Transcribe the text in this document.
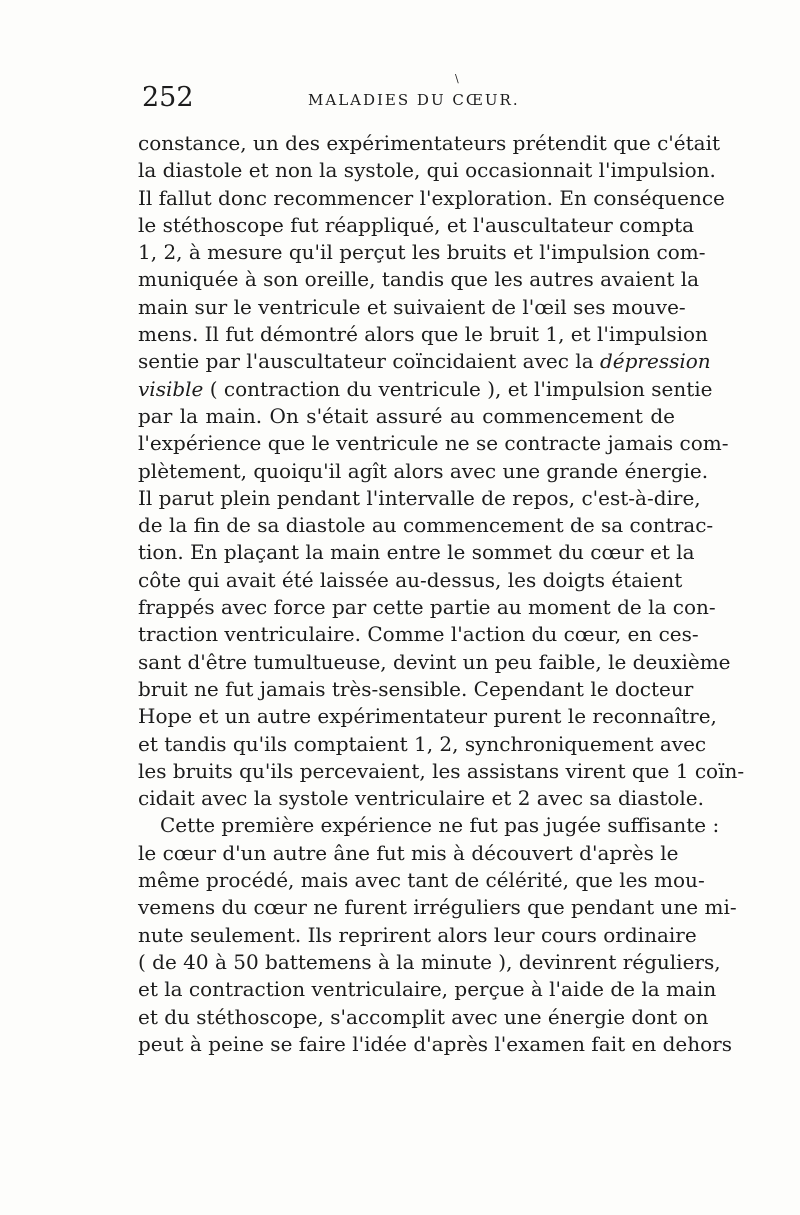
252
\
MALADIES DU CŒUR.
constance, un des expérimentateurs prétendit que c'était
la diastole et non la systole, qui occasionnait l'impulsion.
Il fallut donc recommencer l'exploration. En conséquence
le stéthoscope fut réappliqué, et l'auscultateur compta
1, 2, à mesure qu'il perçut les bruits et l'impulsion com-
muniquée à son oreille, tandis que les autres avaient la
main sur le ventricule et suivaient de l'œil ses mouve-
mens. Il fut démontré alors que le bruit 1, et l'impulsion
sentie par l'auscultateur coïncidaient avec la dépression
visible ( contraction du ventricule ), et l'impulsion sentie
par la main. On s'était assuré au commencement de
l'expérience que le ventricule ne se contracte jamais com-
plètement, quoiqu'il agît alors avec une grande énergie.
Il parut plein pendant l'intervalle de repos, c'est-à-dire,
de la fin de sa diastole au commencement de sa contrac-
tion. En plaçant la main entre le sommet du cœur et la
côte qui avait été laissée au-dessus, les doigts étaient
frappés avec force par cette partie au moment de la con-
traction ventriculaire. Comme l'action du cœur, en ces-
sant d'être tumultueuse, devint un peu faible, le deuxième
bruit ne fut jamais très-sensible. Cependant le docteur
Hope et un autre expérimentateur purent le reconnaître,
et tandis qu'ils comptaient 1, 2, synchroniquement avec
les bruits qu'ils percevaient, les assistans virent que 1 coïn-
cidait avec la systole ventriculaire et 2 avec sa diastole.
Cette première expérience ne fut pas jugée suffisante :
le cœur d'un autre âne fut mis à découvert d'après le
même procédé, mais avec tant de célérité, que les mou-
vemens du cœur ne furent irréguliers que pendant une mi-
nute seulement. Ils reprirent alors leur cours ordinaire
( de 40 à 50 battemens à la minute ), devinrent réguliers,
et la contraction ventriculaire, perçue à l'aide de la main
et du stéthoscope, s'accomplit avec une énergie dont on
peut à peine se faire l'idée d'après l'examen fait en dehors
